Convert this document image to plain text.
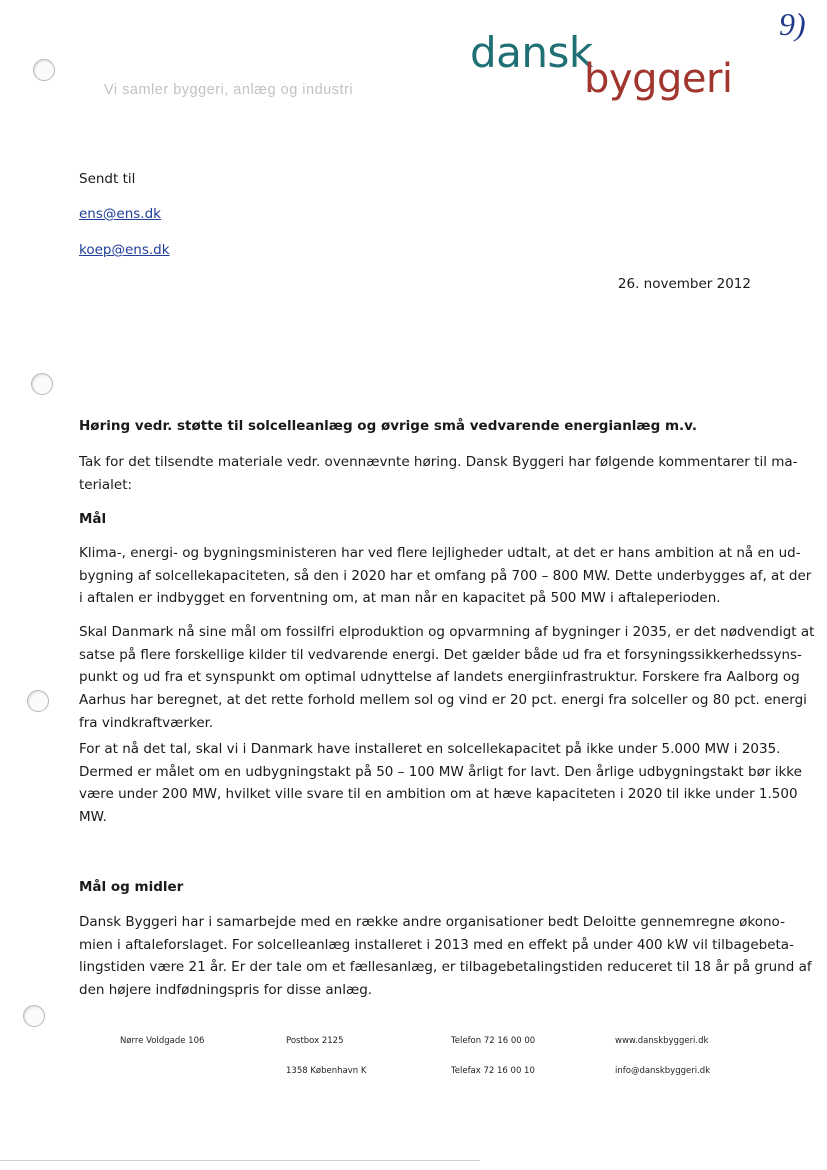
9)
Vi samler byggeri, anlæg og industri
dansk
byggeri
Sendt til
ens@ens.dk
koep@ens.dk
26. november 2012
Høring vedr. støtte til solcelleanlæg og øvrige små vedvarende energianlæg m.v.
Tak for det tilsendte materiale vedr. ovennævnte høring. Dansk Byggeri har følgende kommentarer til ma-
terialet:
Mål
Klima-, energi- og bygningsministeren har ved flere lejligheder udtalt, at det er hans ambition at nå en ud-
bygning af solcellekapaciteten, så den i 2020 har et omfang på 700 – 800 MW. Dette underbygges af, at der
i aftalen er indbygget en forventning om, at man når en kapacitet på 500 MW i aftaleperioden.
Skal Danmark nå sine mål om fossilfri elproduktion og opvarmning af bygninger i 2035, er det nødvendigt at
satse på flere forskellige kilder til vedvarende energi. Det gælder både ud fra et forsyningssikkerhedssyns-
punkt og ud fra et synspunkt om optimal udnyttelse af landets energiinfrastruktur. Forskere fra Aalborg og
Aarhus har beregnet, at det rette forhold mellem sol og vind er 20 pct. energi fra solceller og 80 pct. energi
fra vindkraftværker.
For at nå det tal, skal vi i Danmark have installeret en solcellekapacitet på ikke under 5.000 MW i 2035.
Dermed er målet om en udbygningstakt på 50 – 100 MW årligt for lavt. Den årlige udbygningstakt bør ikke
være under 200 MW, hvilket ville svare til en ambition om at hæve kapaciteten i 2020 til ikke under 1.500
MW.
Mål og midler
Dansk Byggeri har i samarbejde med en række andre organisationer bedt Deloitte gennemregne økono-
mien i aftaleforslaget. For solcelleanlæg installeret i 2013 med en effekt på under 400 kW vil tilbagebeta-
lingstiden være 21 år. Er der tale om et fællesanlæg, er tilbagebetalingstiden reduceret til 18 år på grund af
den højere indfødningspris for disse anlæg.
Nørre Voldgade 106	Postbox 2125
1358 København K
Telefon 72 16 00 00
Telefax 72 16 00 10
www.danskbyggeri.dk
info@danskbyggeri.dk
